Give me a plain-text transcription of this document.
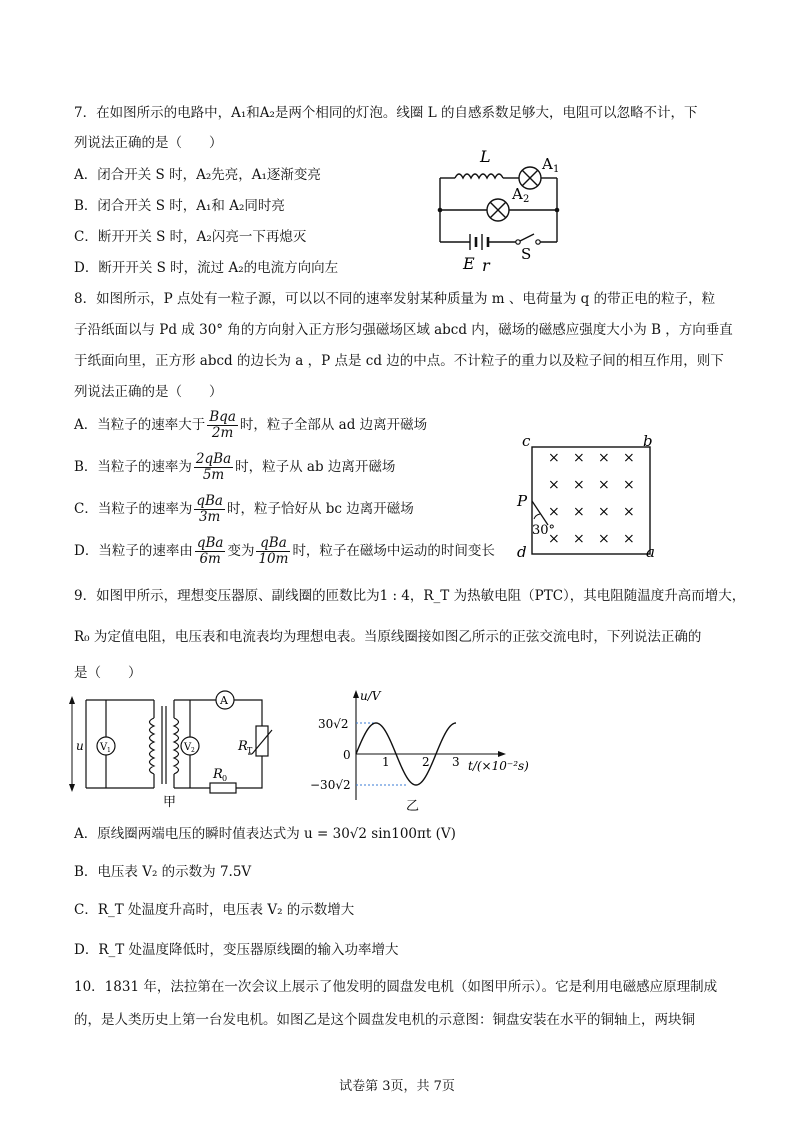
7．在如图所示的电路中，A₁和A₂是两个相同的灯泡。线圈 L 的自感系数足够大，电阻可以忽略不计，下
列说法正确的是（　　）
A．闭合开关 S 时，A₂先亮，A₁逐渐变亮
B．闭合开关 S 时，A₁和 A₂同时亮
C．断开开关 S 时，A₂闪亮一下再熄灭
D．断开开关 S 时，流过 A₂的电流方向向左
L	A 1
A 2
E r
S
8．如图所示，P 点处有一粒子源，可以以不同的速率发射某种质量为 m 、电荷量为 q 的带正电的粒子，粒
子沿纸面以与 Pd 成 30° 角的方向射入正方形匀强磁场区域 abcd 内，磁场的磁感应强度大小为 B ，方向垂直
于纸面向里，正方形 abcd 的边长为 a ，P 点是 cd 边的中点。不计粒子的重力以及粒子间的相互作用，则下
列说法正确的是（　　）
A．当粒子的速率大于 $\frac{\text{Bqa}}{2m}$ 时，粒子全部从 ad 边离开磁场
B．当粒子的速率为 $\frac{\text{2qBa}}{5m}$ 时，粒子从 ab 边离开磁场
C．当粒子的速率为 $\frac{\text{qBa}}{3m}$ 时，粒子恰好从 bc 边离开磁场
D．当粒子的速率由 $\frac{\text{qBa}}{6m}$ 变为 $\frac{\text{qBa}}{10m}$ 时，粒子在磁场中运动的时间变长
× × × ×
× × × ×
× × × ×
× × × ×
c	b
d	a
P
30°
9．如图甲所示，理想变压器原、副线圈的匝数比为1 : 4，R_T 为热敏电阻（PTC），其电阻随温度升高而增大，
R₀ 为定值电阻，电压表和电流表均为理想电表。当原线圈接如图乙所示的正弦交流电时，下列说法正确的
是（　　）
u V 1	V 2
A
R T
R 0
甲
u/V
t/(×10⁻²s)
30√2
0
−30√2
1	2 3
乙
A．原线圈两端电压的瞬时值表达式为 u = 30√2 sin100πt (V)
B．电压表 V₂ 的示数为 7.5V
C．R_T 处温度升高时，电压表 V₂ 的示数增大
D．R_T 处温度降低时，变压器原线圈的输入功率增大
10．1831 年，法拉第在一次会议上展示了他发明的圆盘发电机（如图甲所示）。它是利用电磁感应原理制成
的，是人类历史上第一台发电机。如图乙是这个圆盘发电机的示意图：铜盘安装在水平的铜轴上，两块铜
试卷第 3页，共 7页
